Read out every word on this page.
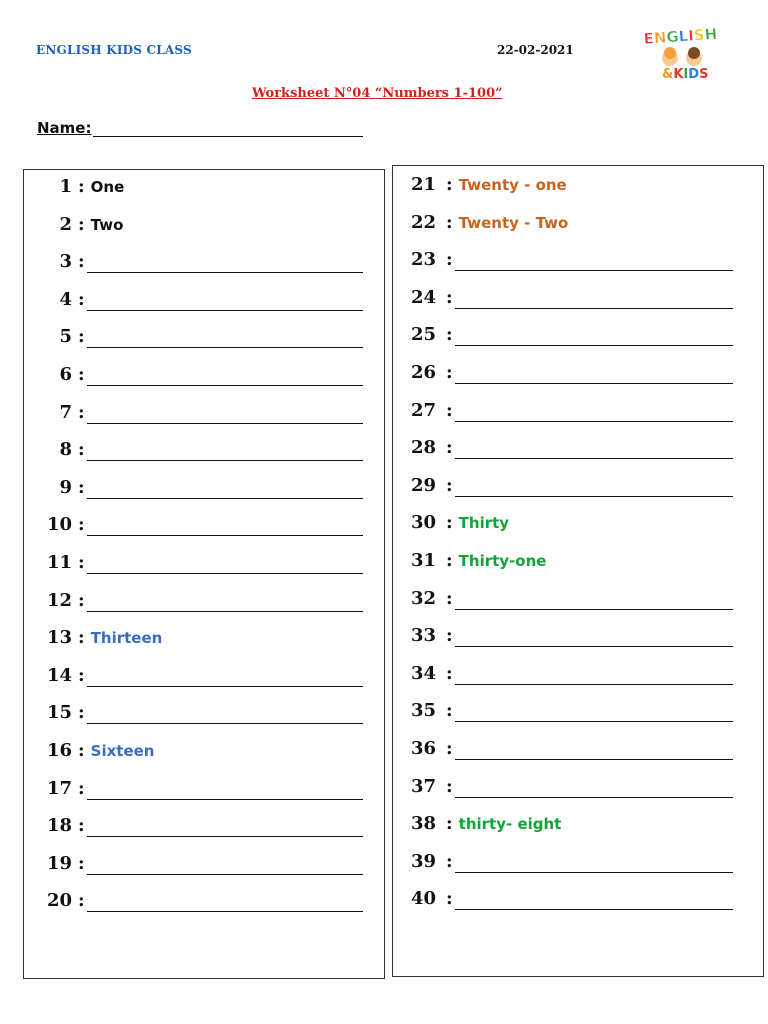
ENGLISH KIDS CLASS	22-02-2021
ENGLISH
&KIDS
Worksheet N°04 “Numbers 1-100”
Name:
1 : One
2 : Two
3 :
4 :
5 :
6 :
7 :
8 :
9 :
10 :
11 :
12 :
13 : Thirteen
14 :
15 :
16 : Sixteen
17 :
18 :
19 :
20 :
21 : Twenty - one
22 : Twenty - Two
23 :
24 :
25 :
26 :
27 :
28 :
29 :
30 : Thirty
31 : Thirty-one
32 :
33 :
34 :
35 :
36 :
37 :
38 : thirty- eight
39 :
40 :
